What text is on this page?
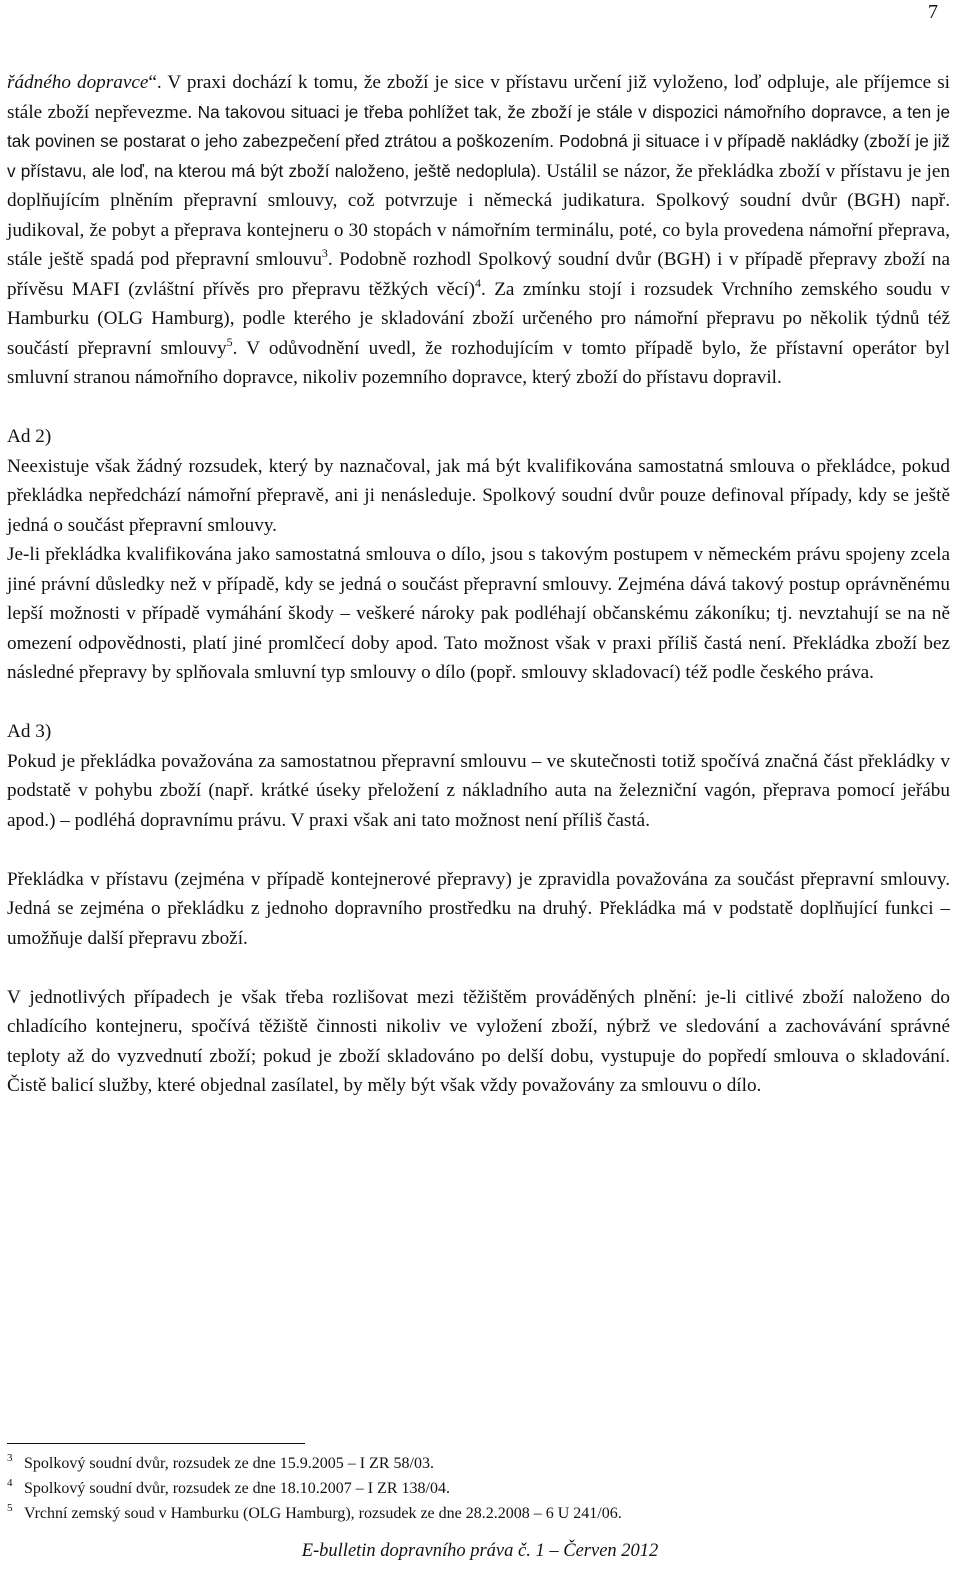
7

řádného dopravce“. V praxi dochází k tomu, že zboží je sice v přístavu určení již vyloženo, loď odpluje, ale příjemce si stále zboží nepřevezme. Na takovou situaci je třeba pohlížet tak, že zboží je stále v dispozici námořního dopravce, a ten je tak povinen se postarat o jeho zabezpečení před ztrátou a poškozením. Podobná ji situace i v případě nakládky (zboží je již v přístavu, ale loď, na kterou má být zboží naloženo, ještě nedoplula). Ustálil se názor, že překládka zboží v přístavu je jen doplňujícím plněním přepravní smlouvy, což potvrzuje i německá judikatura. Spolkový soudní dvůr (BGH) např. judikoval, že pobyt a přeprava kontejneru o 30 stopách v námořním terminálu, poté, co byla provedena námořní přeprava, stále ještě spadá pod přepravní smlouvu$^3$. Podobně rozhodl Spolkový soudní dvůr (BGH) i v případě přepravy zboží na přívěsu MAFI (zvláštní přívěs pro přepravu těžkých věcí)$^4$. Za zmínku stojí i rozsudek Vrchního zemského soudu v Hamburku (OLG Hamburg), podle kterého je skladování zboží určeného pro námořní přepravu po několik týdnů též součástí přepravní smlouvy$^5$. V odůvodnění uvedl, že rozhodujícím v tomto případě bylo, že přístavní operátor byl smluvní stranou námořního dopravce, nikoliv pozemního dopravce, který zboží do přístavu dopravil.

Ad 2)

Neexistuje však žádný rozsudek, který by naznačoval, jak má být kvalifikována samostatná smlouva o překládce, pokud překládka nepředchází námořní přepravě, ani ji nenásleduje. Spolkový soudní dvůr pouze definoval případy, kdy se ještě jedná o součást přepravní smlouvy.

Je-li překládka kvalifikována jako samostatná smlouva o dílo, jsou s takovým postupem v německém právu spojeny zcela jiné právní důsledky než v případě, kdy se jedná o součást přepravní smlouvy. Zejména dává takový postup oprávněnému lepší možnosti v případě vymáhání škody – veškeré nároky pak podléhají občanskému zákoníku; tj. nevztahují se na ně omezení odpovědnosti, platí jiné promlčecí doby apod. Tato možnost však v praxi příliš častá není. Překládka zboží bez následné přepravy by splňovala smluvní typ smlouvy o dílo (popř. smlouvy skladovací) též podle českého práva.

Ad 3)

Pokud je překládka považována za samostatnou přepravní smlouvu – ve skutečnosti totiž spočívá značná část překládky v podstatě v pohybu zboží (např. krátké úseky přeložení z nákladního auta na železniční vagón, přeprava pomocí jeřábu apod.) – podléhá dopravnímu právu. V praxi však ani tato možnost není příliš častá.

Překládka v přístavu (zejména v případě kontejnerové přepravy) je zpravidla považována za součást přepravní smlouvy. Jedná se zejména o překládku z jednoho dopravního prostředku na druhý. Překládka má v podstatě doplňující funkci – umožňuje další přepravu zboží.

V jednotlivých případech je však třeba rozlišovat mezi těžištěm prováděných plnění: je-li citlivé zboží naloženo do chladícího kontejneru, spočívá těžiště činnosti nikoliv ve vyložení zboží, nýbrž ve sledování a zachovávání správné teploty až do vyzvednutí zboží; pokud je zboží skladováno po delší dobu, vystupuje do popředí smlouva o skladování. Čistě balicí služby, které objednal zasílatel, by měly být však vždy považovány za smlouvu o dílo.

3 Spolkový soudní dvůr, rozsudek ze dne 15.9.2005 – I ZR 58/03.
4 Spolkový soudní dvůr, rozsudek ze dne 18.10.2007 – I ZR 138/04.
5 Vrchní zemský soud v Hamburku (OLG Hamburg), rozsudek ze dne 28.2.2008 – 6 U 241/06.
E-bulletin dopravního práva č. 1 – Červen 2012
